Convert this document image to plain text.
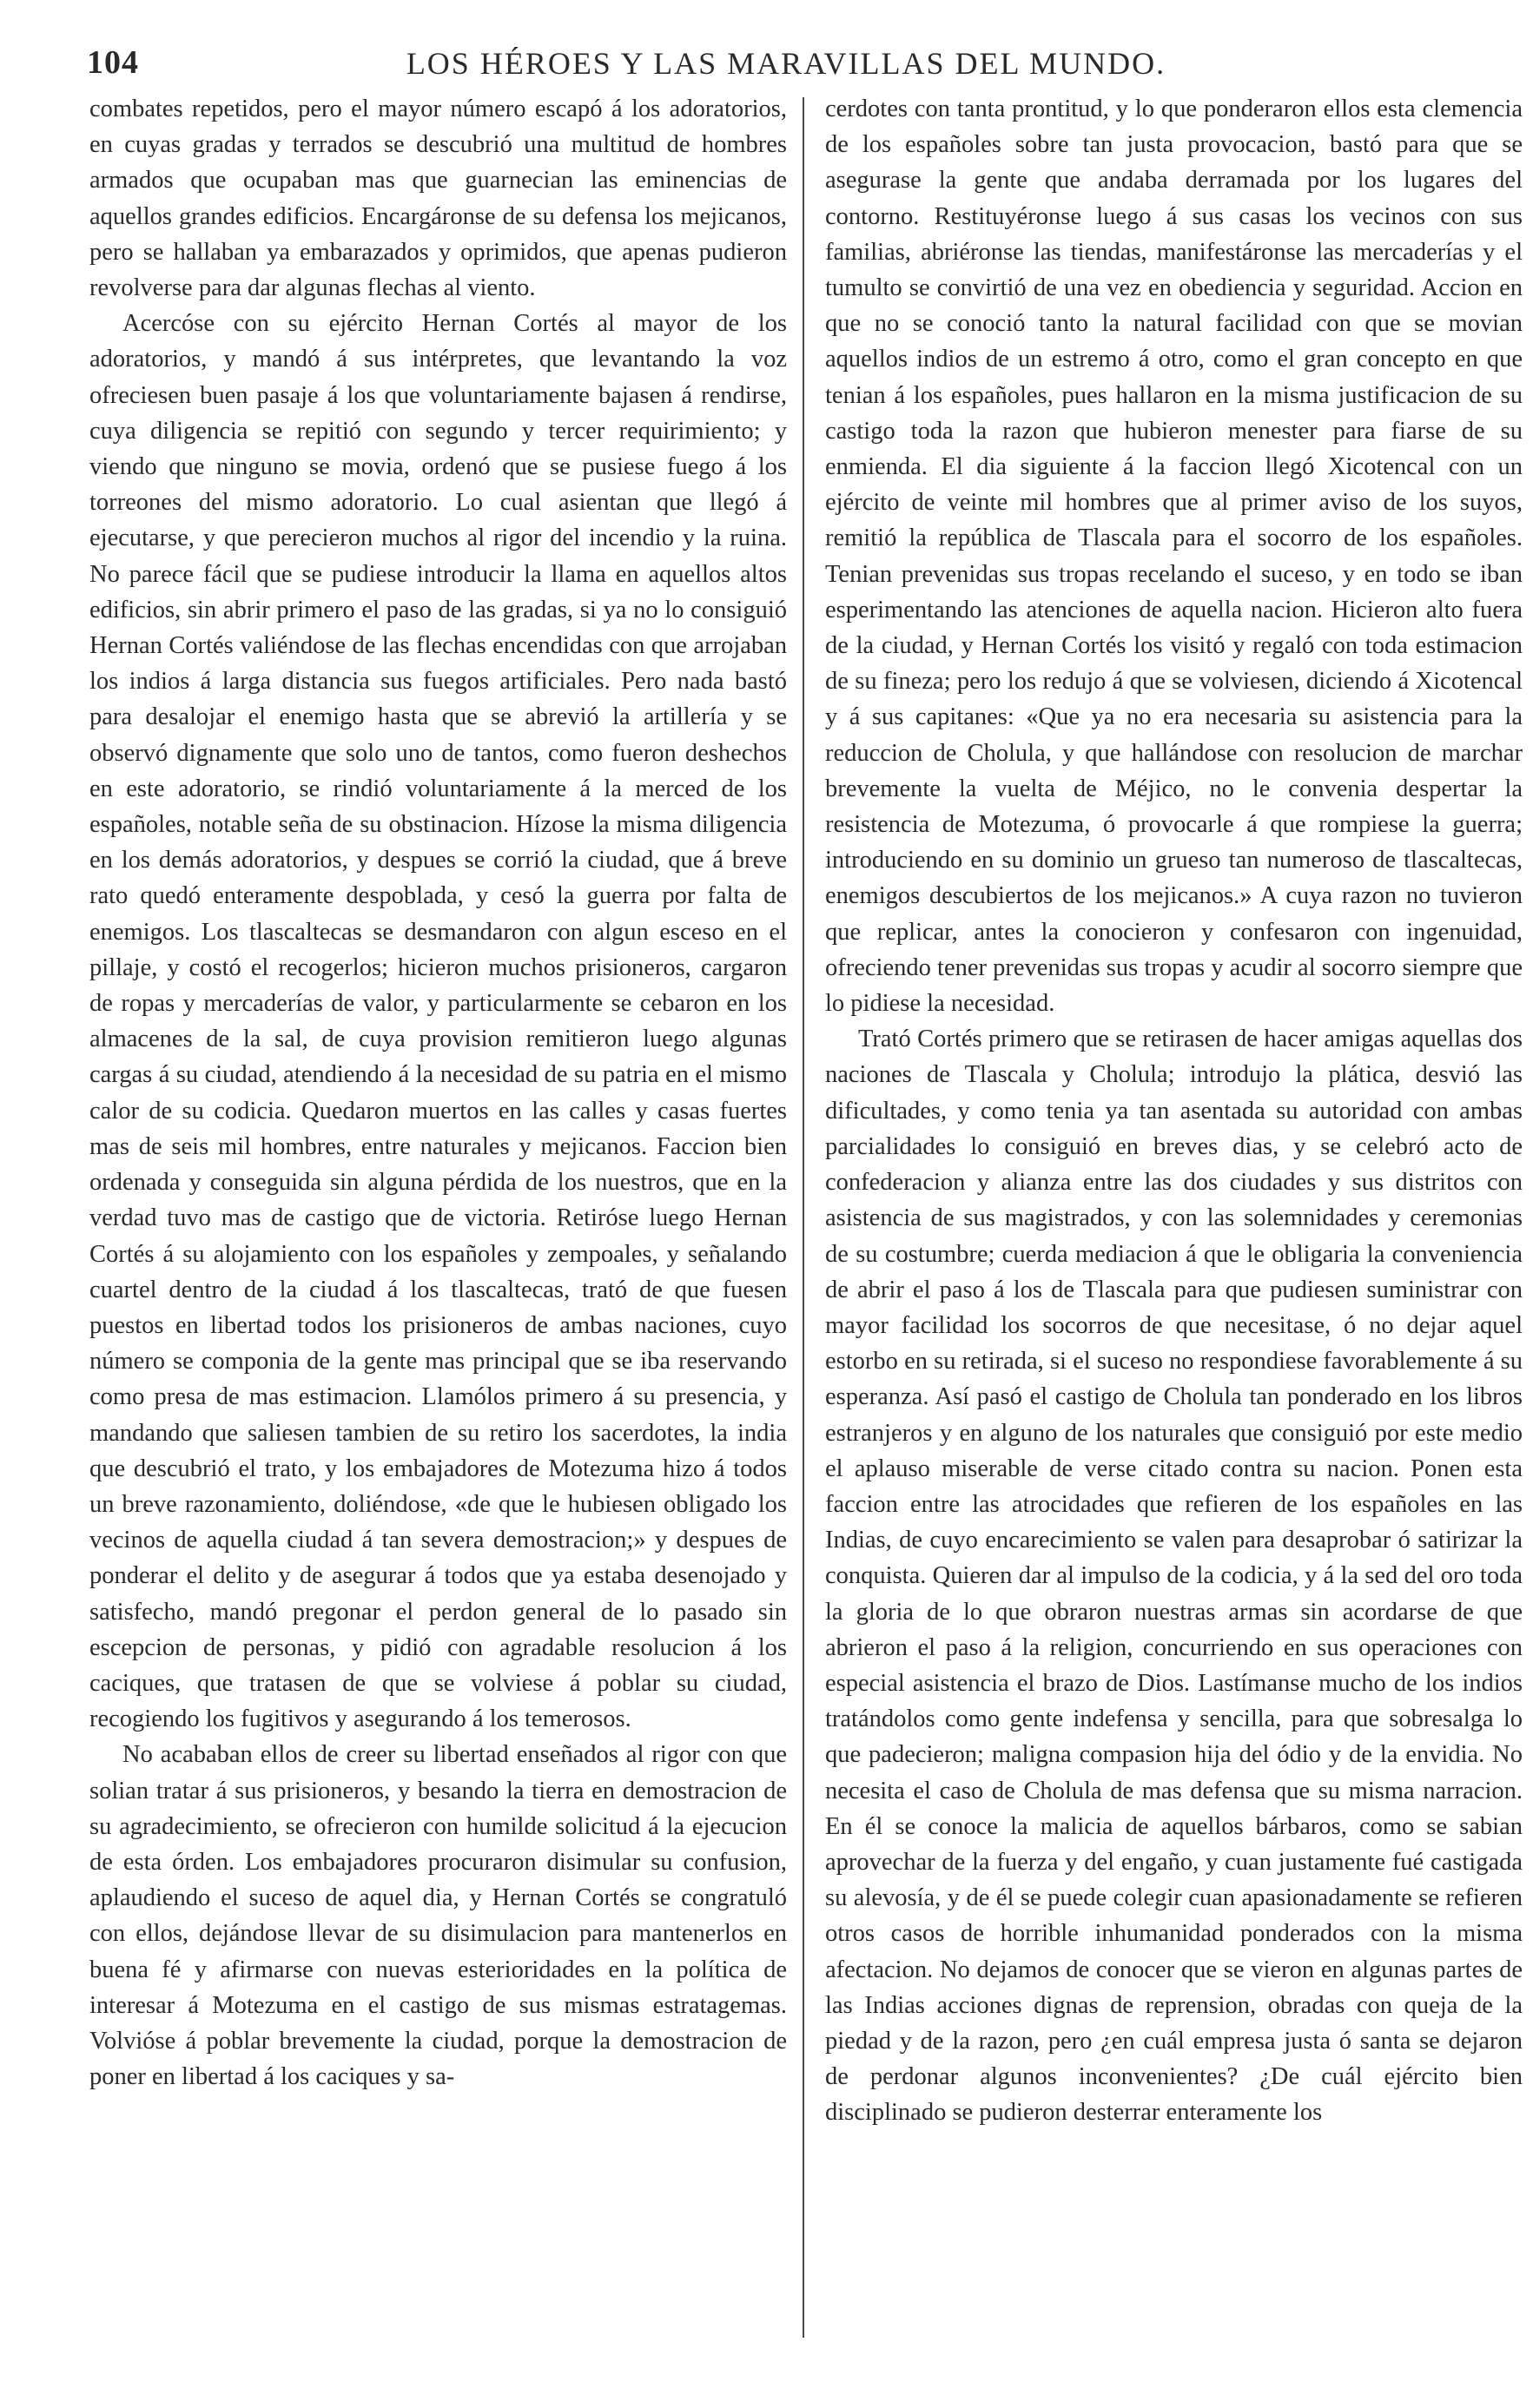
104	LOS HÉROES Y LAS MARAVILLAS DEL MUNDO.

combates repetidos, pero el mayor número escapó á los adoratorios, en cuyas gradas y terrados se descubrió una multitud de hombres armados que ocupaban mas que guarnecian las eminencias de aquellos grandes edificios. Encargáronse de su defensa los mejicanos, pero se hallaban ya embarazados y oprimidos, que apenas pudieron revolverse para dar algunas flechas al viento.

Acercóse con su ejército Hernan Cortés al mayor de los adoratorios, y mandó á sus intérpretes, que levantando la voz ofreciesen buen pasaje á los que voluntariamente bajasen á rendirse, cuya diligencia se repitió con segundo y tercer requirimiento; y viendo que ninguno se movia, ordenó que se pusiese fuego á los torreones del mismo adoratorio. Lo cual asientan que llegó á ejecutarse, y que perecieron muchos al rigor del incendio y la ruina. No parece fácil que se pudiese introducir la llama en aquellos altos edificios, sin abrir primero el paso de las gradas, si ya no lo consiguió Hernan Cortés valiéndose de las flechas encendidas con que arrojaban los indios á larga distancia sus fuegos artificiales. Pero nada bastó para desalojar el enemigo hasta que se abrevió la artillería y se observó dignamente que solo uno de tantos, como fueron deshechos en este adoratorio, se rindió voluntariamente á la merced de los españoles, notable seña de su obstinacion. Hízose la misma diligencia en los demás adoratorios, y despues se corrió la ciudad, que á breve rato quedó enteramente despoblada, y cesó la guerra por falta de enemigos. Los tlascaltecas se desmandaron con algun esceso en el pillaje, y costó el recogerlos; hicieron muchos prisioneros, cargaron de ropas y mercaderías de valor, y particularmente se cebaron en los almacenes de la sal, de cuya provision remitieron luego algunas cargas á su ciudad, atendiendo á la necesidad de su patria en el mismo calor de su codicia. Quedaron muertos en las calles y casas fuertes mas de seis mil hombres, entre naturales y mejicanos. Faccion bien ordenada y conseguida sin alguna pérdida de los nuestros, que en la verdad tuvo mas de castigo que de victoria. Retiróse luego Hernan Cortés á su alojamiento con los españoles y zempoales, y señalando cuartel dentro de la ciudad á los tlascaltecas, trató de que fuesen puestos en libertad todos los prisioneros de ambas naciones, cuyo número se componia de la gente mas principal que se iba reservando como presa de mas estimacion. Llamólos primero á su presencia, y mandando que saliesen tambien de su retiro los sacerdotes, la india que descubrió el trato, y los embajadores de Motezuma hizo á todos un breve razonamiento, doliéndose, «de que le hubiesen obligado los vecinos de aquella ciudad á tan severa demostracion;» y despues de ponderar el delito y de asegurar á todos que ya estaba desenojado y satisfecho, mandó pregonar el perdon general de lo pasado sin escepcion de personas, y pidió con agradable resolucion á los caciques, que tratasen de que se volviese á poblar su ciudad, recogiendo los fugitivos y asegurando á los temerosos.

No acababan ellos de creer su libertad enseñados al rigor con que solian tratar á sus prisioneros, y besando la tierra en demostracion de su agradecimiento, se ofrecieron con humilde solicitud á la ejecucion de esta órden. Los embajadores procuraron disimular su confusion, aplaudiendo el suceso de aquel dia, y Hernan Cortés se congratuló con ellos, dejándose llevar de su disimulacion para mantenerlos en buena fé y afirmarse con nuevas esterioridades en la política de interesar á Motezuma en el castigo de sus mismas estratagemas. Volvióse á poblar brevemente la ciudad, porque la demostracion de poner en libertad á los caciques y sa-

cerdotes con tanta prontitud, y lo que ponderaron ellos esta clemencia de los españoles sobre tan justa provocacion, bastó para que se asegurase la gente que andaba derramada por los lugares del contorno. Restituyéronse luego á sus casas los vecinos con sus familias, abriéronse las tiendas, manifestáronse las mercaderías y el tumulto se convirtió de una vez en obediencia y seguridad. Accion en que no se conoció tanto la natural facilidad con que se movian aquellos indios de un estremo á otro, como el gran concepto en que tenian á los españoles, pues hallaron en la misma justificacion de su castigo toda la razon que hubieron menester para fiarse de su enmienda. El dia siguiente á la faccion llegó Xicotencal con un ejército de veinte mil hombres que al primer aviso de los suyos, remitió la república de Tlascala para el socorro de los españoles. Tenian prevenidas sus tropas recelando el suceso, y en todo se iban esperimentando las atenciones de aquella nacion. Hicieron alto fuera de la ciudad, y Hernan Cortés los visitó y regaló con toda estimacion de su fineza; pero los redujo á que se volviesen, diciendo á Xicotencal y á sus capitanes: «Que ya no era necesaria su asistencia para la reduccion de Cholula, y que hallándose con resolucion de marchar brevemente la vuelta de Méjico, no le convenia despertar la resistencia de Motezuma, ó provocarle á que rompiese la guerra; introduciendo en su dominio un grueso tan numeroso de tlascaltecas, enemigos descubiertos de los mejicanos.» A cuya razon no tuvieron que replicar, antes la conocieron y confesaron con ingenuidad, ofreciendo tener prevenidas sus tropas y acudir al socorro siempre que lo pidiese la necesidad.

Trató Cortés primero que se retirasen de hacer amigas aquellas dos naciones de Tlascala y Cholula; introdujo la plática, desvió las dificultades, y como tenia ya tan asentada su autoridad con ambas parcialidades lo consiguió en breves dias, y se celebró acto de confederacion y alianza entre las dos ciudades y sus distritos con asistencia de sus magistrados, y con las solemnidades y ceremonias de su costumbre; cuerda mediacion á que le obligaria la conveniencia de abrir el paso á los de Tlascala para que pudiesen suministrar con mayor facilidad los socorros de que necesitase, ó no dejar aquel estorbo en su retirada, si el suceso no respondiese favorablemente á su esperanza. Así pasó el castigo de Cholula tan ponderado en los libros estranjeros y en alguno de los naturales que consiguió por este medio el aplauso miserable de verse citado contra su nacion. Ponen esta faccion entre las atrocidades que refieren de los españoles en las Indias, de cuyo encarecimiento se valen para desaprobar ó satirizar la conquista. Quieren dar al impulso de la codicia, y á la sed del oro toda la gloria de lo que obraron nuestras armas sin acordarse de que abrieron el paso á la religion, concurriendo en sus operaciones con especial asistencia el brazo de Dios. Lastímanse mucho de los indios tratándolos como gente indefensa y sencilla, para que sobresalga lo que padecieron; maligna compasion hija del ódio y de la envidia. No necesita el caso de Cholula de mas defensa que su misma narracion. En él se conoce la malicia de aquellos bárbaros, como se sabian aprovechar de la fuerza y del engaño, y cuan justamente fué castigada su alevosía, y de él se puede colegir cuan apasionadamente se refieren otros casos de horrible inhumanidad ponderados con la misma afectacion. No dejamos de conocer que se vieron en algunas partes de las Indias acciones dignas de reprension, obradas con queja de la piedad y de la razon, pero ¿en cuál empresa justa ó santa se dejaron de perdonar algunos inconvenientes? ¿De cuál ejército bien disciplinado se pudieron desterrar enteramente los
